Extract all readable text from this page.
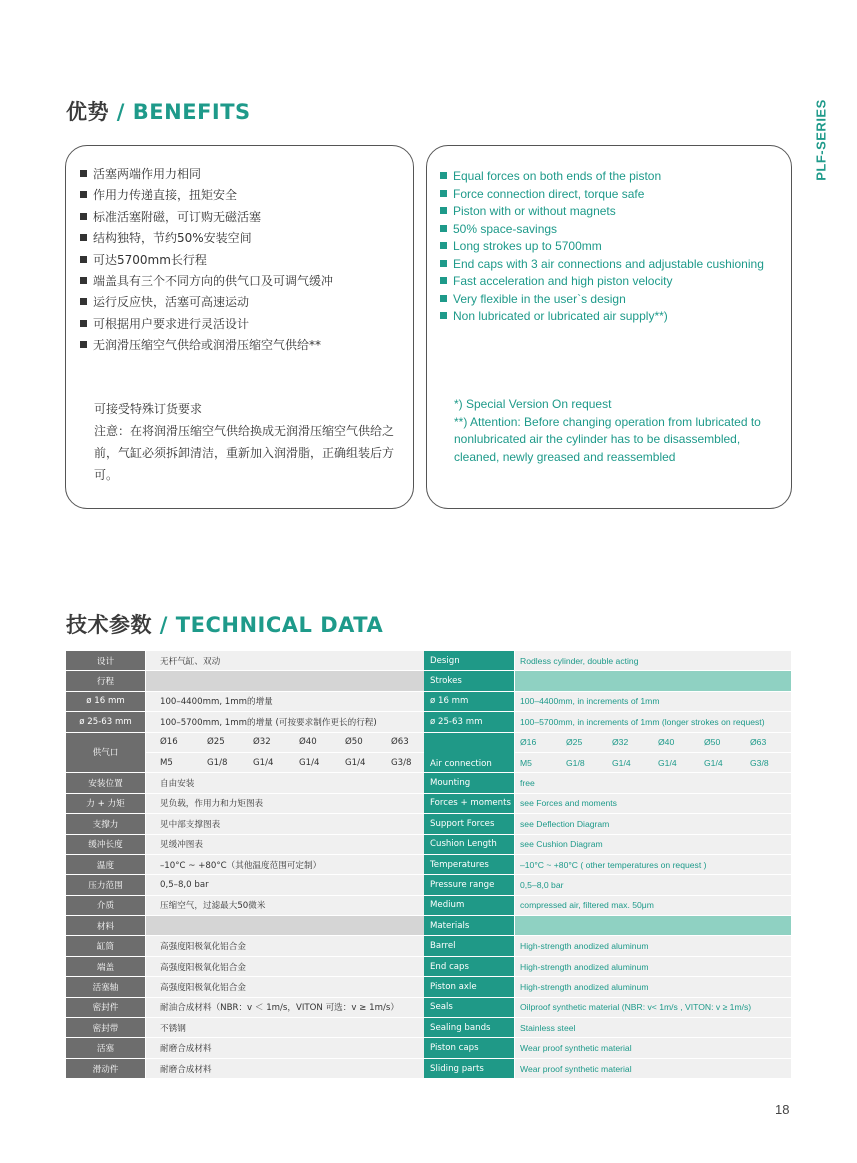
优势 / BENEFITS	PLF-SERIES
活塞两端作用力相同
作用力传递直接，扭矩安全
标准活塞附磁，可订购无磁活塞
结构独特，节约50%安装空间
可达5700mm长行程
端盖具有三个不同方向的供气口及可调气缓冲
运行反应快，活塞可高速运动
可根据用户要求进行灵活设计
无润滑压缩空气供给或润滑压缩空气供给**

可接受特殊订货要求

注意：在将润滑压缩空气供给换成无润滑压缩空气供给之前，气缸必须拆卸清洁，重新加入润滑脂，正确组装后方可。

Equal forces on both ends of the piston
Force connection direct, torque safe
Piston with or without magnets
50% space-savings
Long strokes up to 5700mm
End caps with 3 air connections and adjustable cushioning
Fast acceleration and high piston velocity
Very flexible in the user`s design
Non lubricated or lubricated air supply**)
*) Special Version On request
**) Attention: Before changing operation from lubricated to
nonlubricated air the cylinder has to be disassembled,
cleaned, newly greased and reassembled
技术参数 / TECHNICAL DATA
设计	无杆气缸、双动					
行程						
ø 16 mm	100–4400mm, 1mm的增量					
ø 25-63 mm	100–5700mm, 1mm的增量 (可按要求制作更长的行程)					
供气口	Ø16	Ø25	Ø32	Ø40	Ø50	Ø63
	M5	G1/8	G1/4	G1/4	G1/4	G3/8
安装位置	自由安装					
力 + 力矩	见负载，作用力和力矩图表					
支撑力	见中部支撑图表					
缓冲长度	见缓冲图表					
温度	–10°C ~ +80°C（其他温度范围可定制）					
压力范围	0,5–8,0 bar					
介质	压缩空气，过滤最大50微米					
材料						
缸筒	高强度阳极氧化铝合金					
端盖	高强度阳极氧化铝合金					
活塞轴	高强度阳极氧化铝合金					
密封件	耐油合成材料（NBR：v ＜ 1m/s，VITON 可选：v ≥ 1m/s）					
密封带	不锈钢					
活塞	耐磨合成材料					
滑动件	耐磨合成材料					
Design	Rodless cylinder, double acting					
Strokes						
ø 16 mm	100–4400mm, in increments of 1mm					
ø 25-63 mm	100–5700mm, in increments of 1mm (longer strokes on request)					
Air connection	Ø16	Ø25	Ø32	Ø40	Ø50	Ø63
	M5	G1/8	G1/4	G1/4	G1/4	G3/8
Mounting	free					
Forces + moments	see Forces and moments					
Support Forces	see Deflection Diagram					
Cushion Length	see Cushion Diagram					
Temperatures	–10°C ~ +80°C ( other temperatures on request )					
Pressure range	0,5–8,0 bar					
Medium	compressed air, filtered max. 50μm					
Materials						
Barrel	High-strength anodized aluminum					
End caps	High-strength anodized aluminum					
Piston axle	High-strength anodized aluminum					
Seals	Oilproof synthetic material (NBR: v< 1m/s , VITON: v ≥ 1m/s)					
Sealing bands	Stainless steel					
Piston caps	Wear proof synthetic material					
Sliding parts	Wear proof synthetic material					
18
